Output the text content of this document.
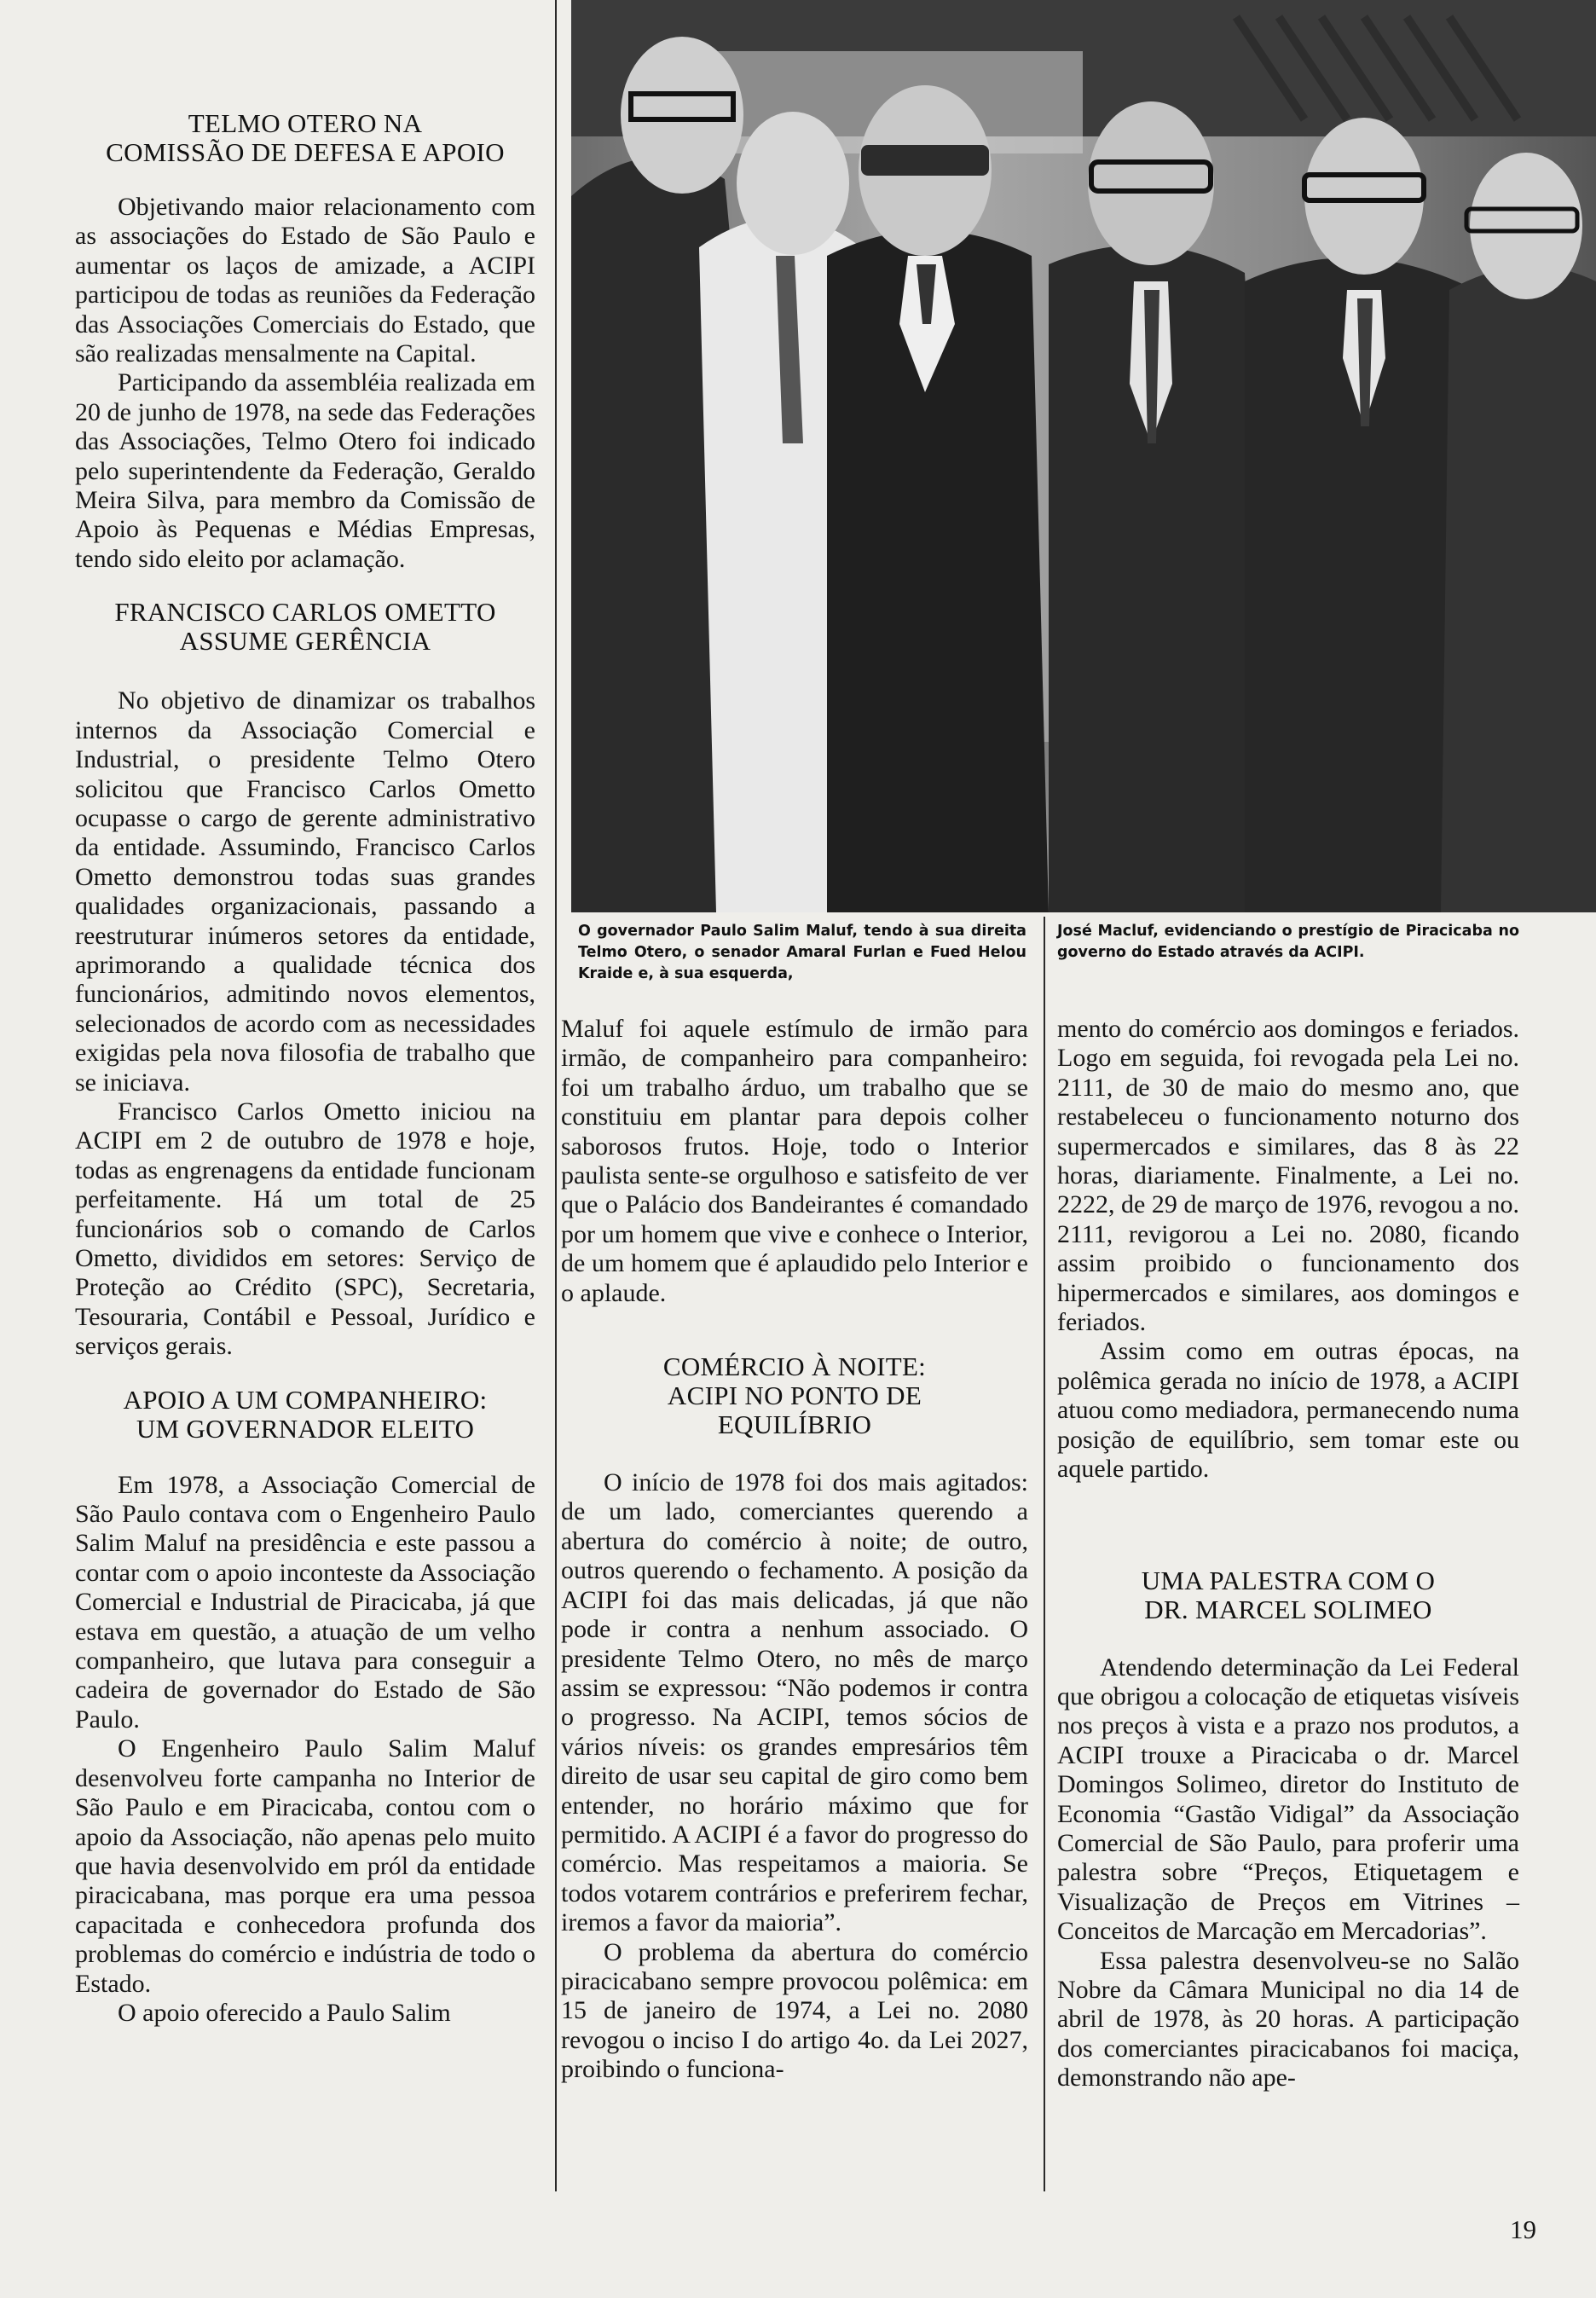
TELMO OTERO NA
COMISSÃO DE DEFESA E APOIO

Objetivando maior relacionamento com as associações do Estado de São Paulo e aumentar os laços de amizade, a ACIPI participou de todas as reuniões da Federação das Associações Comerciais do Estado, que são realizadas mensalmente na Capital.

Participando da assembléia realizada em 20 de junho de 1978, na sede das Federações das Associações, Telmo Otero foi indicado pelo superintendente da Federação, Geraldo Meira Silva, para membro da Comissão de Apoio às Pequenas e Médias Empresas, tendo sido eleito por aclamação.

FRANCISCO CARLOS OMETTO
ASSUME GERÊNCIA

No objetivo de dinamizar os trabalhos internos da Associação Comercial e Industrial, o presidente Telmo Otero solicitou que Francisco Carlos Ometto ocupasse o cargo de gerente administrativo da entidade. Assumindo, Francisco Carlos Ometto demonstrou todas suas grandes qualidades organizacionais, passando a reestruturar inúmeros setores da entidade, aprimorando a qualidade técnica dos funcionários, admitindo novos elementos, selecionados de acordo com as necessidades exigidas pela nova filosofia de trabalho que se iniciava.

Francisco Carlos Ometto iniciou na ACIPI em 2 de outubro de 1978 e hoje, todas as engrenagens da entidade funcionam perfeitamente. Há um total de 25 funcionários sob o comando de Carlos Ometto, divididos em setores: Serviço de Proteção ao Crédito (SPC), Secretaria, Tesouraria, Contábil e Pessoal, Jurídico e serviços gerais.

APOIO A UM COMPANHEIRO:
UM GOVERNADOR ELEITO

Em 1978, a Associação Comercial de São Paulo contava com o Engenheiro Paulo Salim Maluf na presidência e este passou a contar com o apoio inconteste da Associação Comercial e Industrial de Piracicaba, já que estava em questão, a atuação de um velho companheiro, que lutava para conseguir a cadeira de governador do Estado de São Paulo.

O Engenheiro Paulo Salim Maluf desenvolveu forte campanha no Interior de São Paulo e em Piracicaba, contou com o apoio da Associação, não apenas pelo muito que havia desenvolvido em pról da entidade piracicabana, mas porque era uma pessoa capacitada e conhecedora profunda dos problemas do comércio e indústria de todo o Estado.

O apoio oferecido a Paulo Salim

O governador Paulo Salim Maluf, tendo à sua direita Telmo Otero, o senador Amaral Furlan e Fued Helou Kraide e, à sua esquerda,
José Macluf, evidenciando o prestígio de Piracicaba no governo do Estado através da ACIPI.

Maluf foi aquele estímulo de irmão para irmão, de companheiro para companheiro: foi um trabalho árduo, um trabalho que se constituiu em plantar para depois colher saborosos frutos. Hoje, todo o Interior paulista sente-se orgulhoso e satisfeito de ver que o Palácio dos Bandeirantes é comandado por um homem que vive e conhece o Interior, de um homem que é aplaudido pelo Interior e o aplaude.

COMÉRCIO À NOITE:
ACIPI NO PONTO DE
EQUILÍBRIO

O início de 1978 foi dos mais agitados: de um lado, comerciantes querendo a abertura do comércio à noite; de outro, outros querendo o fechamento. A posição da ACIPI foi das mais delicadas, já que não pode ir contra a nenhum associado. O presidente Telmo Otero, no mês de março assim se expressou: “Não podemos ir contra o progresso. Na ACIPI, temos sócios de vários níveis: os grandes empresários têm direito de usar seu capital de giro como bem entender, no horário máximo que for permitido. A ACIPI é a favor do progresso do comércio. Mas respeitamos a maioria. Se todos votarem contrários e preferirem fechar, iremos a favor da maioria”.

O problema da abertura do comércio piracicabano sempre provocou polêmica: em 15 de janeiro de 1974, a Lei no. 2080 revogou o inciso I do artigo 4o. da Lei 2027, proibindo o funciona-

mento do comércio aos domingos e feriados. Logo em seguida, foi revogada pela Lei no. 2111, de 30 de maio do mesmo ano, que restabeleceu o funcionamento noturno dos supermercados e similares, das 8 às 22 horas, diariamente. Finalmente, a Lei no. 2222, de 29 de março de 1976, revogou a no. 2111, revigorou a Lei no. 2080, ficando assim proibido o funcionamento dos hipermercados e similares, aos domingos e feriados.

Assim como em outras épocas, na polêmica gerada no início de 1978, a ACIPI atuou como mediadora, permanecendo numa posição de equilíbrio, sem tomar este ou aquele partido.

UMA PALESTRA COM O
DR. MARCEL SOLIMEO

Atendendo determinação da Lei Federal que obrigou a colocação de etiquetas visíveis nos preços à vista e a prazo nos produtos, a ACIPI trouxe a Piracicaba o dr. Marcel Domingos Solimeo, diretor do Instituto de Economia “Gastão Vidigal” da Associação Comercial de São Paulo, para proferir uma palestra sobre “Preços, Etiquetagem e Visualização de Preços em Vitrines – Conceitos de Marcação em Mercadorias”.

Essa palestra desenvolveu-se no Salão Nobre da Câmara Municipal no dia 14 de abril de 1978, às 20 horas. A participação dos comerciantes piracicabanos foi maciça, demonstrando não ape-

19
